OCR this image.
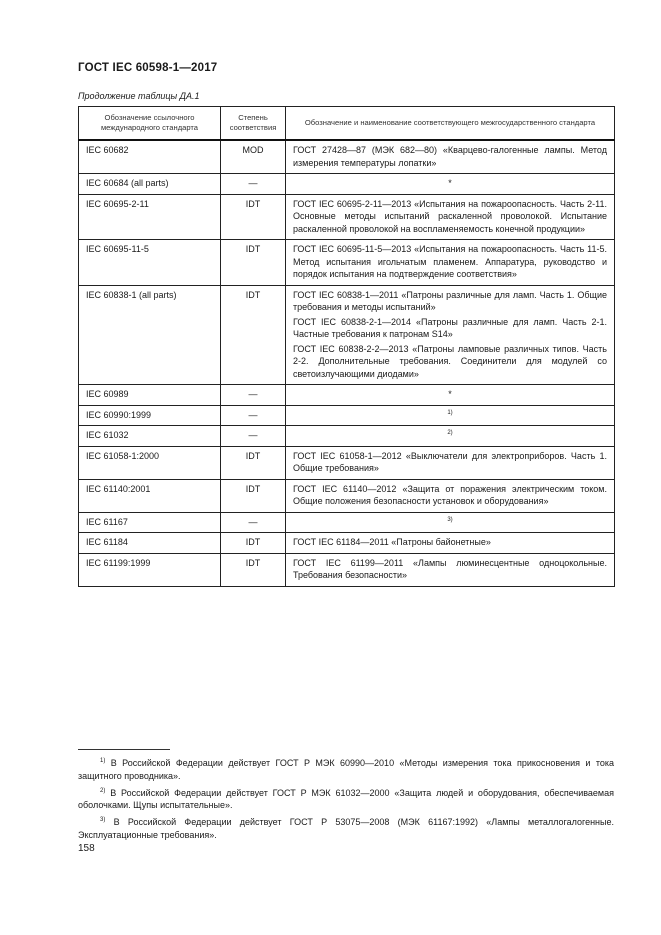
ГОСТ IEC 60598-1—2017
Продолжение таблицы ДА.1
Обозначение ссылочного международного стандарта	Степень соответствия	Обозначение и наименование соответствующего межгосударственного стандарта
IEC 60682	MOD	ГОСТ 27428—87 (МЭК 682—80) «Кварцево-галогенные лампы. Метод измерения температуры лопатки»

IEC 60684 (all parts)	—	*

IEC 60695-2-11	IDT	ГОСТ IEC 60695-2-11—2013 «Испытания на пожароопасность. Часть 2-11. Основные методы испытаний раскаленной проволокой. Испытание раскаленной проволокой на воспламеняемость конечной продукции»

IEC 60695-11-5	IDT	ГОСТ IEC 60695-11-5—2013 «Испытания на пожароопасность. Часть 11-5. Метод испытания игольчатым пламенем. Аппаратура, руководство и порядок испытания на подтверждение соответствия»

IEC 60838-1 (all parts)	IDT	ГОСТ IEC 60838-1—2011 «Патроны различные для ламп. Часть 1. Общие требования и методы испытаний»
ГОСТ IEC 60838-2-1—2014 «Патроны различные для ламп. Часть 2-1. Частные требования к патронам S14»
ГОСТ IEC 60838-2-2—2013 «Патроны ламповые различных типов. Часть 2-2. Дополнительные требования. Соединители для модулей со светоизлучающими диодами»

IEC 60989	—	*

IEC 60990:1999	—	$^{1)}$
IEC 61032	—	$^{2)}$
IEC 61058-1:2000	IDT	ГОСТ IEC 61058-1—2012 «Выключатели для электроприборов. Часть 1. Общие требования»

IEC 61140:2001	IDT	ГОСТ IEC 61140—2012 «Защита от поражения электрическим током. Общие положения безопасности установок и оборудования»

IEC 61167	—	$^{3)}$
IEC 61184	IDT	ГОСТ IEC 61184—2011 «Патроны байонетные»

IEC 61199:1999	IDT	ГОСТ IEC 61199—2011 «Лампы люминесцентные одноцокольные. Требования безопасности»
$^{1)}$ В Российской Федерации действует ГОСТ Р МЭК 60990—2010 «Методы измерения тока прикосновения и тока защитного проводника».
$^{2)}$ В Российской Федерации действует ГОСТ Р МЭК 61032—2000 «Защита людей и оборудования, обеспечиваемая оболочками. Щупы испытательные».
$^{3)}$ В Российской Федерации действует ГОСТ Р 53075—2008 (МЭК 61167:1992) «Лампы металлогалогенные. Эксплуатационные требования».
158
